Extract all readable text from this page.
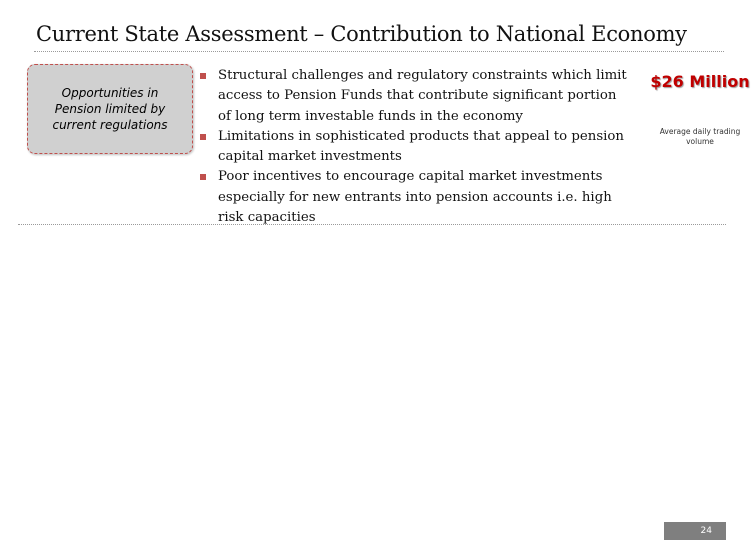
Current State Assessment – Contribution to National Economy
Opportunities in Pension limited by current regulations
Structural challenges and regulatory constraints which limit access to Pension Funds that contribute significant portion of long term investable funds in the economy
Limitations in sophisticated products that appeal to pension capital market investments
Poor incentives to encourage capital market investments especially for new entrants into pension accounts i.e. high risk capacities
$26 Million
Average daily trading volume
24
